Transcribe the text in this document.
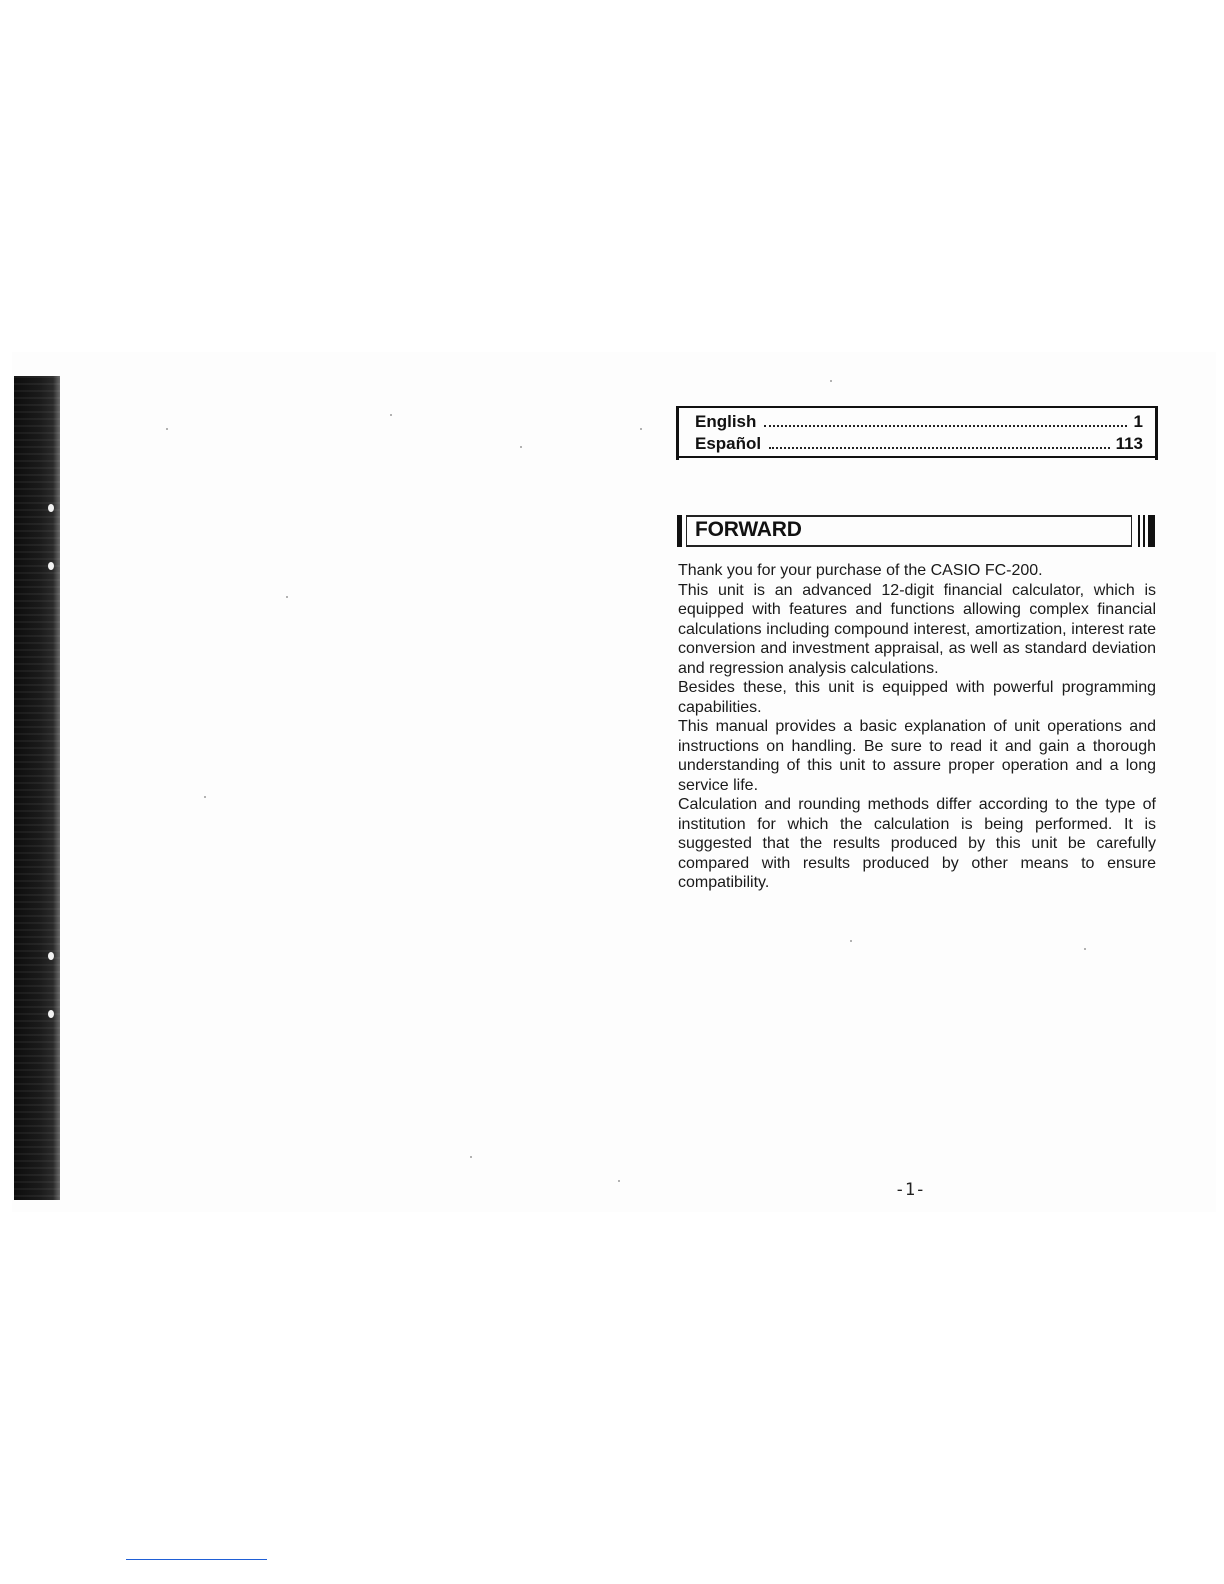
English	1
Español	113
FORWARD

Thank you for your purchase of the CASIO FC-200.

This unit is an advanced 12-digit financial calculator, which is equipped with features and functions allowing complex financial calculations including compound interest, amortization, interest rate conversion and investment appraisal, as well as standard deviation and regression analysis calculations.

Besides these, this unit is equipped with powerful programming capabilities.

This manual provides a basic explanation of unit operations and instructions on handling. Be sure to read it and gain a thorough understanding of this unit to assure proper operation and a long service life.

Calculation and rounding methods differ according to the type of institution for which the calculation is being performed. It is suggested that the results produced by this unit be carefully compared with results produced by other means to ensure compatibility.

-1-
